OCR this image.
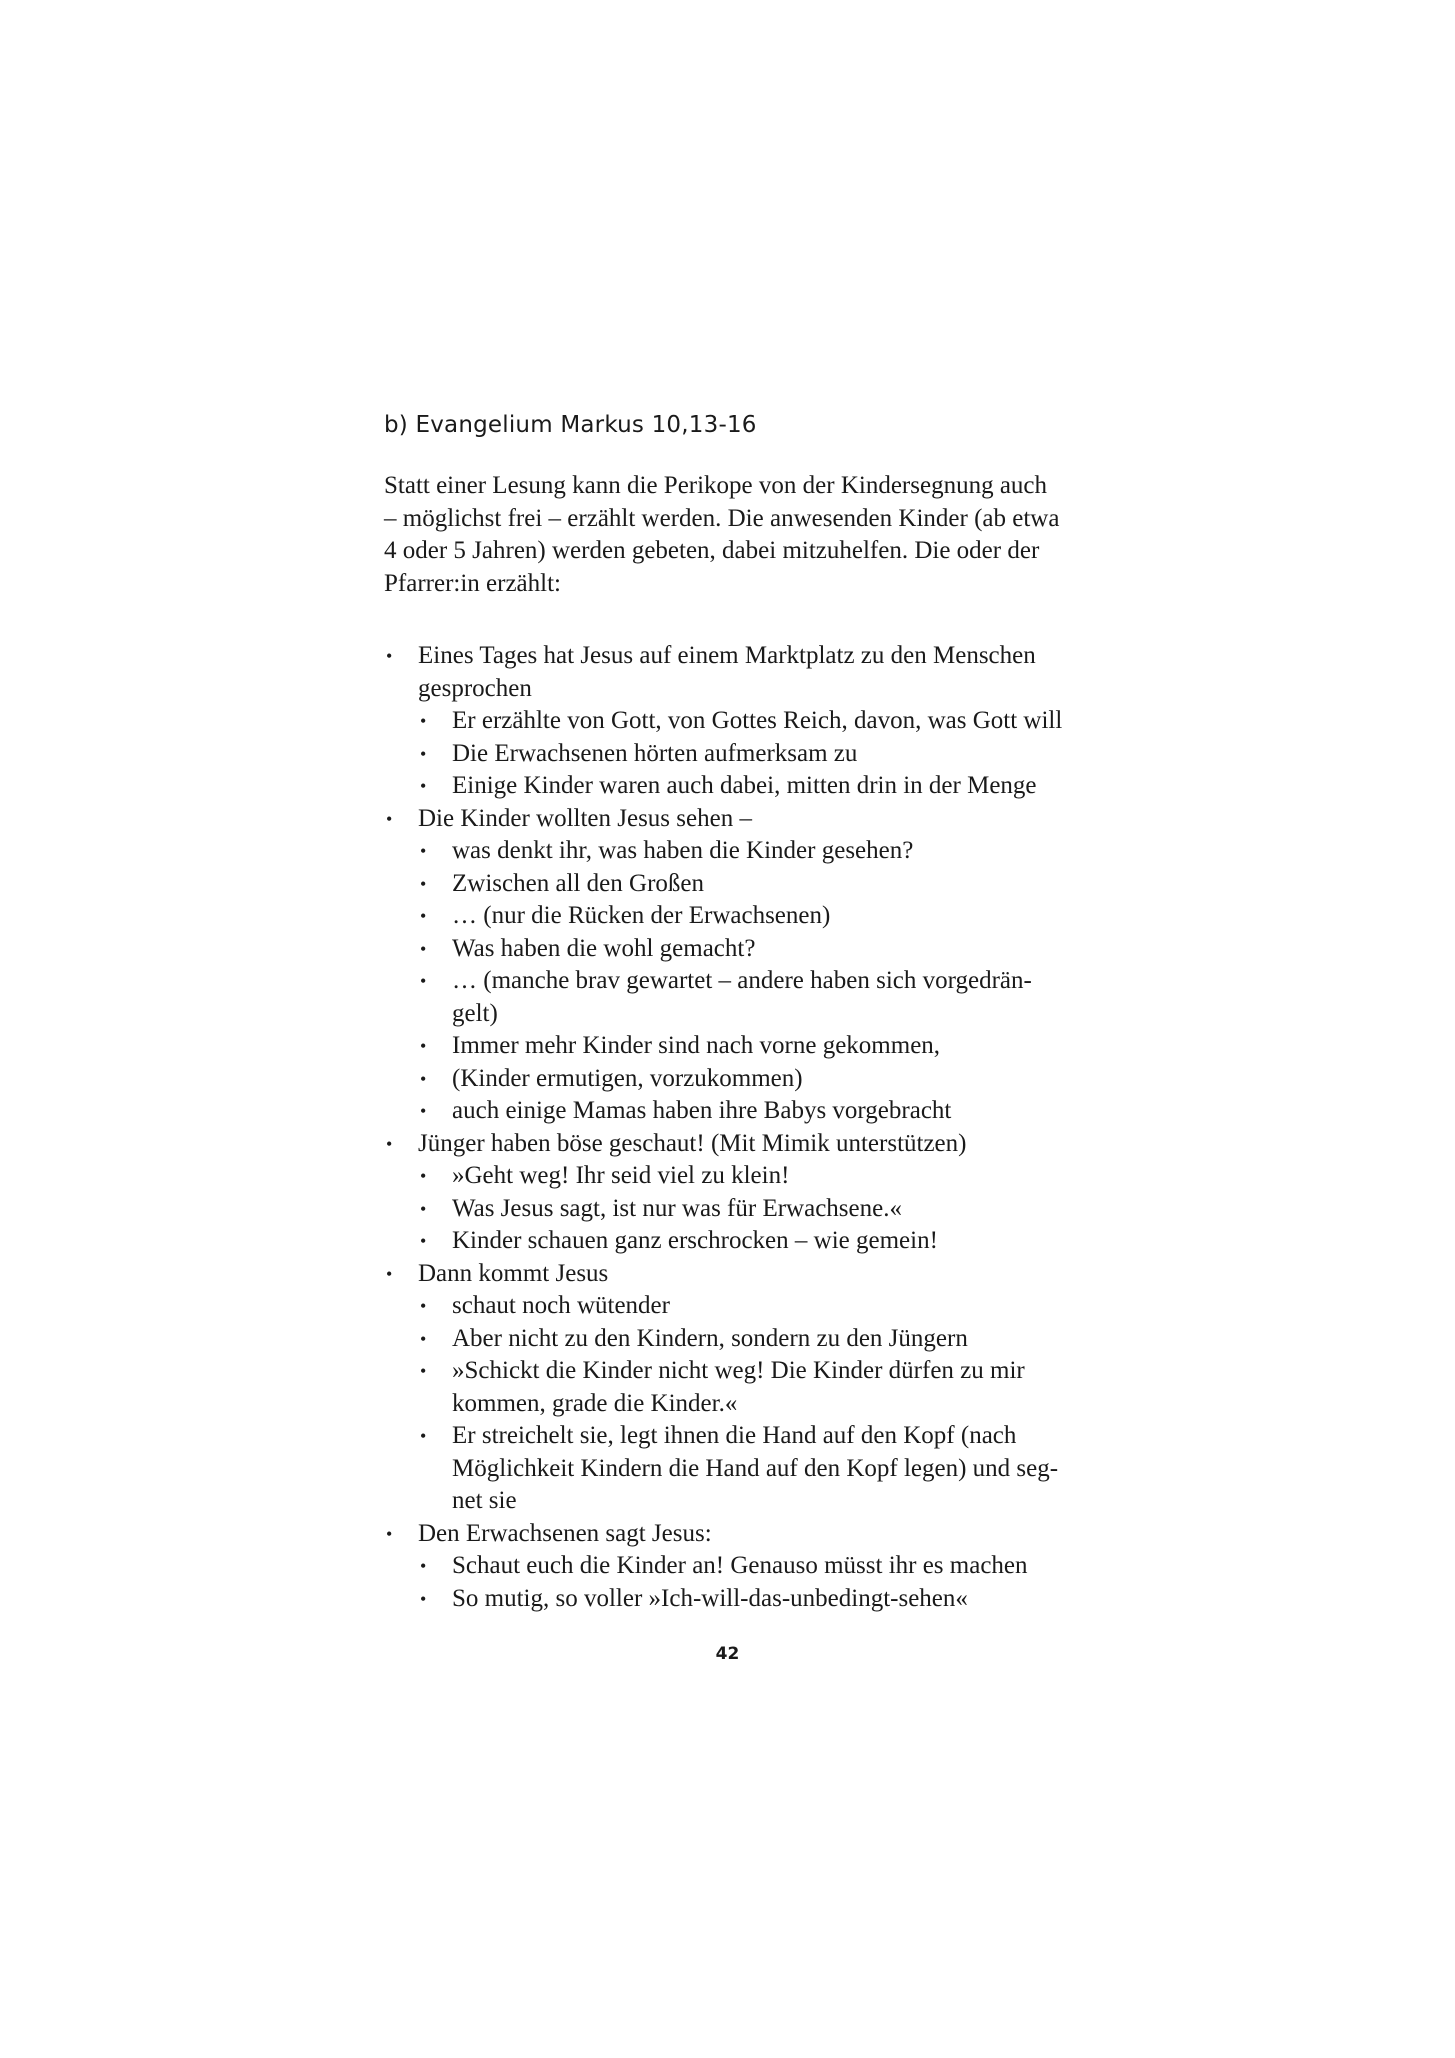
b) Evangelium Markus 10,13-16

Statt einer Lesung kann die Perikope von der Kindersegnung auch
– möglichst frei – erzählt werden. Die anwesenden Kinder (ab etwa
4 oder 5 Jahren) werden gebeten, dabei mitzuhelfen. Die oder der
Pfarrer:in erzählt:

Eines Tages hat Jesus auf einem Marktplatz zu den Menschen
gesprochen
Er erzählte von Gott, von Gottes Reich, davon, was Gott will
Die Erwachsenen hörten aufmerksam zu
Einige Kinder waren auch dabei, mitten drin in der Menge
Die Kinder wollten Jesus sehen –
was denkt ihr, was haben die Kinder gesehen?
Zwischen all den Großen
… (nur die Rücken der Erwachsenen)
Was haben die wohl gemacht?
… (manche brav gewartet – andere haben sich vorgedrän-
gelt)
Immer mehr Kinder sind nach vorne gekommen,
(Kinder ermutigen, vorzukommen)
auch einige Mamas haben ihre Babys vorgebracht
Jünger haben böse geschaut! (Mit Mimik unterstützen)
»Geht weg! Ihr seid viel zu klein!
Was Jesus sagt, ist nur was für Erwachsene.«
Kinder schauen ganz erschrocken – wie gemein!
Dann kommt Jesus
schaut noch wütender
Aber nicht zu den Kindern, sondern zu den Jüngern
»Schickt die Kinder nicht weg! Die Kinder dürfen zu mir
kommen, grade die Kinder.«
Er streichelt sie, legt ihnen die Hand auf den Kopf (nach
Möglichkeit Kindern die Hand auf den Kopf legen) und seg-
net sie
Den Erwachsenen sagt Jesus:
Schaut euch die Kinder an! Genauso müsst ihr es machen
So mutig, so voller »Ich-will-das-unbedingt-sehen«
42
